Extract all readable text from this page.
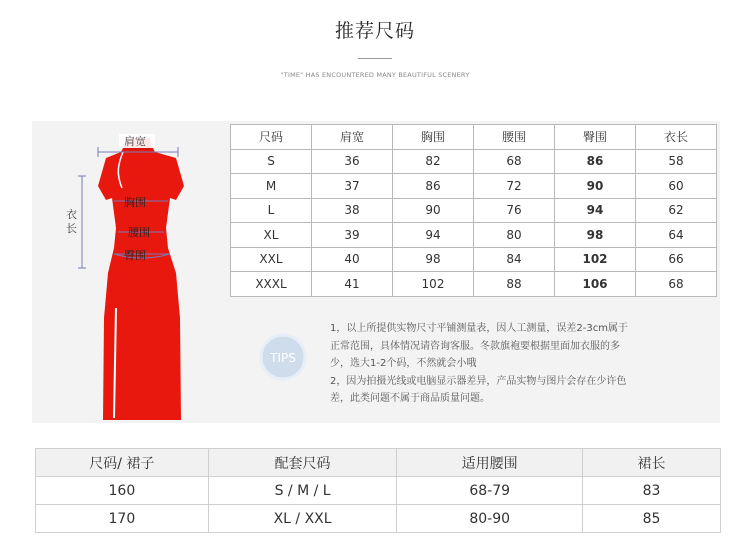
推荐尺码
"TIME" HAS ENCOUNTERED MANY BEAUTIFUL SCENERY
肩宽
胸围
腰围
臀围
衣
长
尺码	肩宽	胸围	腰围	臀围	衣长
S	36	82	68	86	58
M	37	86	72	90	60
L	38	90	76	94	62
XL	39	94	80	98	64
XXL	40	98	84	102	66
XXXL	41	102	88	106	68
TIPS
1，以上所提供实物尺寸平铺测量表，因人工测量，误差2-3cm属于
正常范围，具体情况请咨询客服。冬款旗袍要根据里面加衣服的多
少，选大1-2个码，不然就会小哦
2，因为拍摄光线或电脑显示器差异，产品实物与图片会存在少许色
差，此类问题不属于商品质量问题。
尺码/ 裙子	配套尺码	适用腰围	裙长
160	S / M / L	68-79	83
170	XL / XXL	80-90	85
